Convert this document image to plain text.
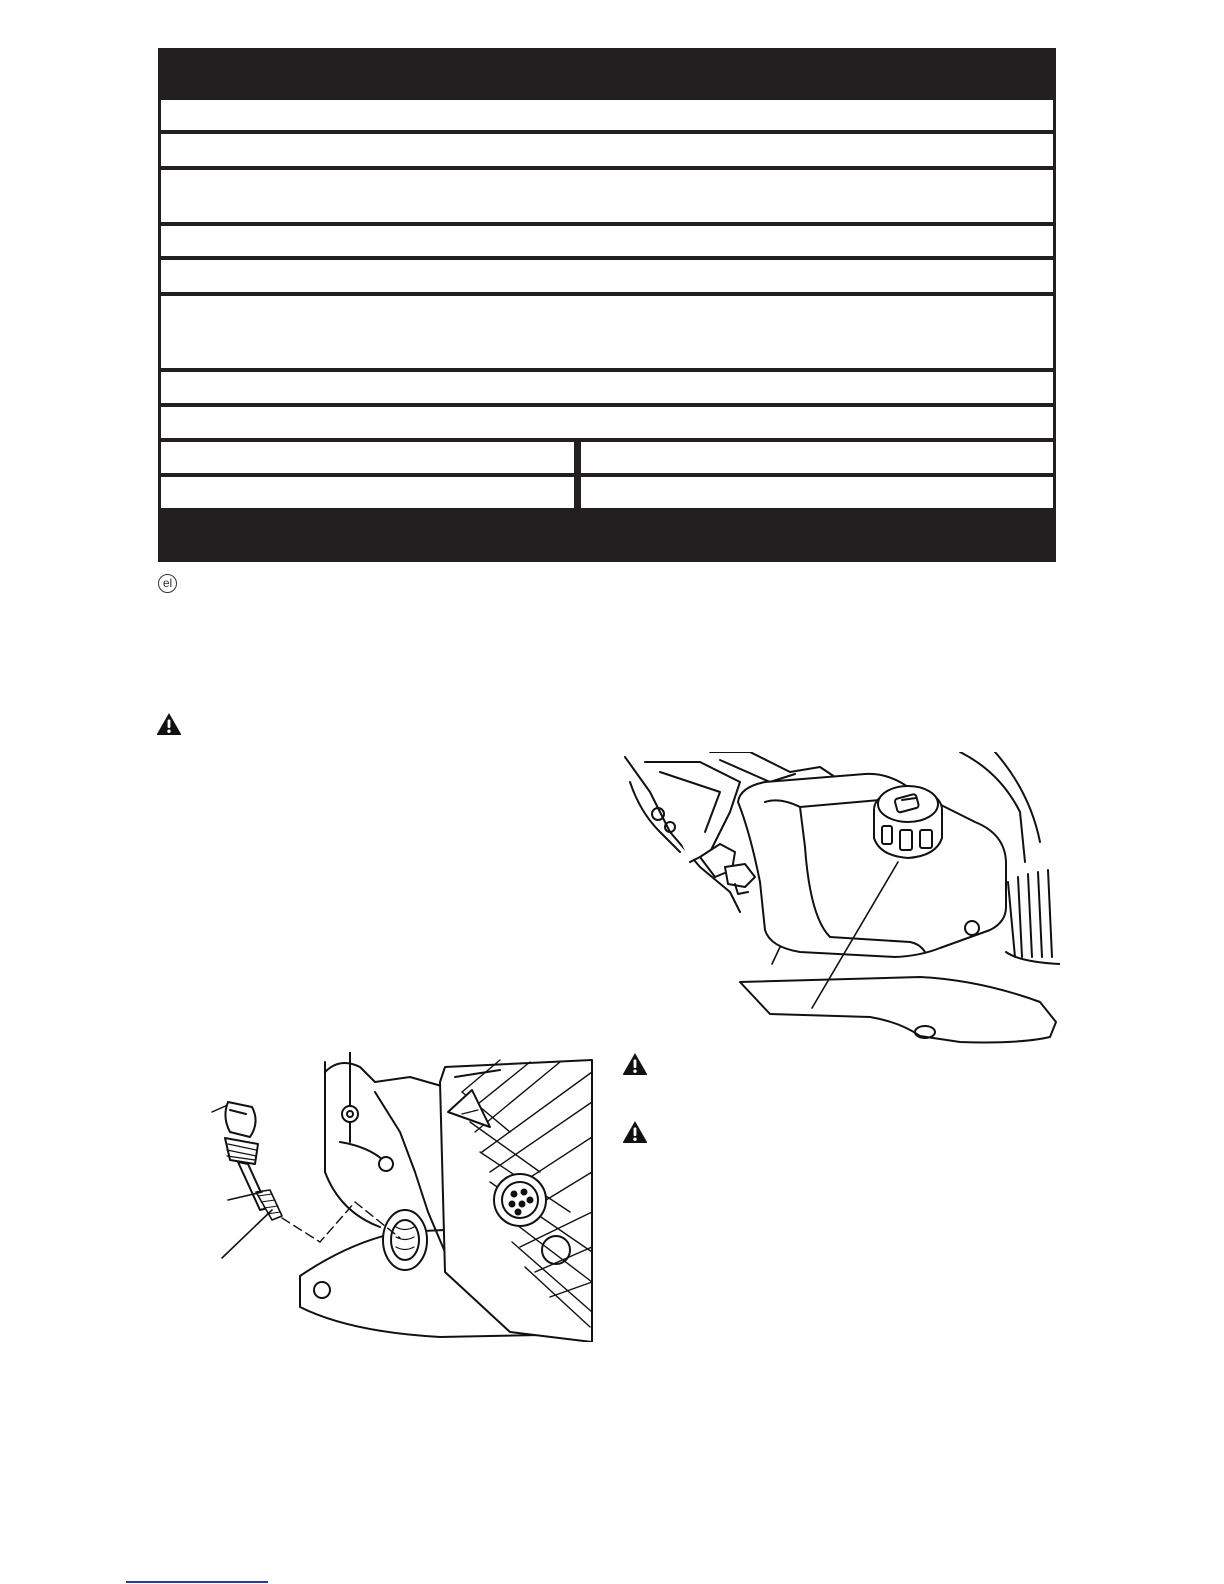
el
